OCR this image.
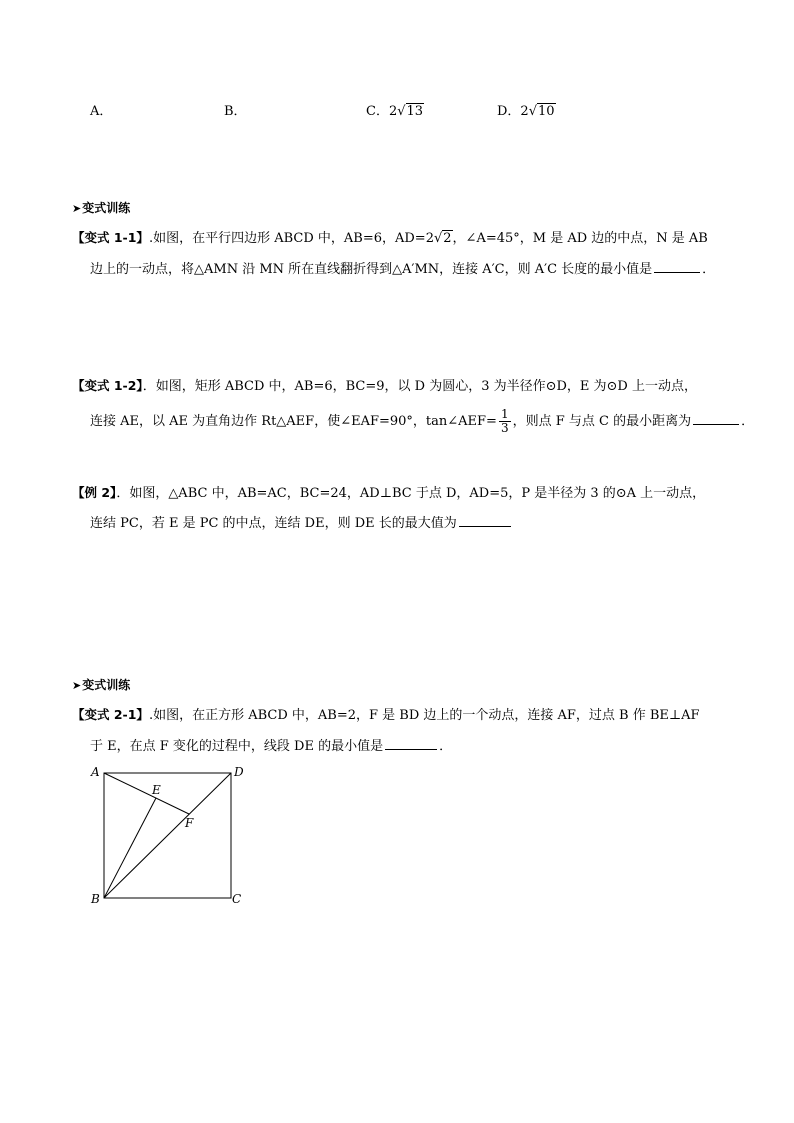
A．	B．	C．2√13	D．2√10
➤变式训练
【变式 1-1】.如图，在平行四边形 ABCD 中，AB=6，AD=2√2，∠A=45°，M 是 AD 边的中点，N 是 AB
边上的一动点，将△AMN 沿 MN 所在直线翻折得到△A′MN，连接 A′C，则 A′C 长度的最小值是	．
【变式 1-2】．如图，矩形 ABCD 中，AB=6，BC=9，以 D 为圆心，3 为半径作⊙D，E 为⊙D 上一动点，
连接 AE，以 AE 为直角边作 Rt△AEF，使∠EAF=90°，tan∠AEF= $\frac{1}{3}$ ，则点 F 与点 C 的最小距离为	．
【例 2】．如图，△ABC 中，AB=AC，BC=24，AD⊥BC 于点 D，AD=5，P 是半径为 3 的⊙A 上一动点，
连结 PC，若 E 是 PC 的中点，连结 DE，则 DE 长的最大值为
➤变式训练
【变式 2-1】.如图，在正方形 ABCD 中，AB=2，F 是 BD 边上的一个动点，连接 AF，过点 B 作 BE⊥AF
于 E，在点 F 变化的过程中，线段 DE 的最小值是	．
A	D
B	C
E
F
